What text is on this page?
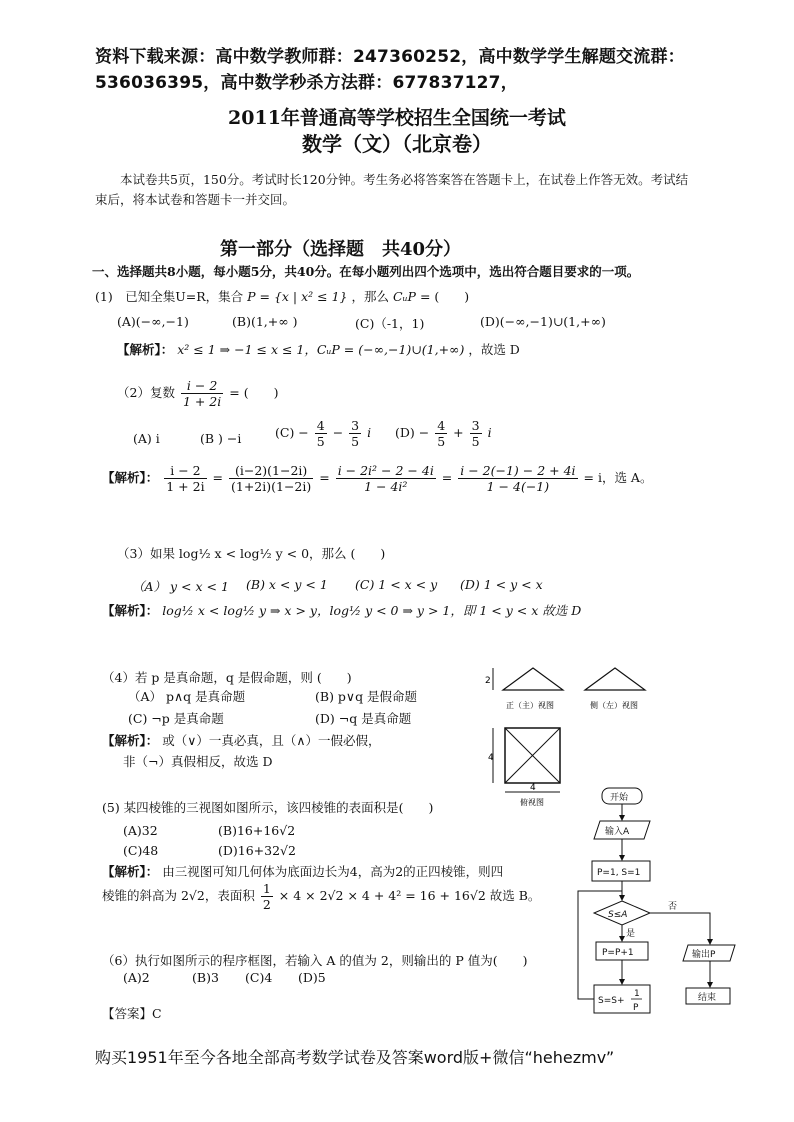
资料下载来源：高中数学教师群：247360252，高中数学学生解题交流群：
536036395，高中数学秒杀方法群：677837127，
2011年普通高等学校招生全国统一考试
数学（文）（北京卷）
本试卷共5页，150分。考试时长120分钟。考生务必将答案答在答题卡上，在试卷上作答无效。考试结束后，将本试卷和答题卡一并交回。
第一部分（选择题　共40分）
一、选择题共8小题，每小题5分，共40分。在每小题列出四个选项中，选出符合题目要求的一项。
(1)　已知全集U=R，集合 P = {x | x² ≤ 1} ，那么 CᵤP = (　　)
(A)(−∞,−1)	(B)(1,+∞ )	(C)（-1，1)	(D)(−∞,−1)∪(1,+∞)
【解析】： x² ≤ 1 ⇒ −1 ≤ x ≤ 1，CᵤP = (−∞,−1)∪(1,+∞) ，故选 D
（2）复数 $\frac{i - 2}{1 + 2i}$ = (　　)
(A) i	(B ) −i	$(C) - \frac{4}{5} - \frac{3}{5}$ i $(D) - \frac{4}{5} + \frac{3}{5}$ i
【解析】： $\frac{i - 2}{1 + 2i} = \frac{(i-2)(1-2i)}{(1+2i)(1-2i)} = \frac{\text{i − 2i² − 2 − 4i}}{\text{1 − 4i²}} = \frac{i - 2(-1) - 2 + 4i}{1 - 4(-1)} = i$，选 A。
（3）如果 log½ x < log½ y < 0，那么 (　　)
（A） y < x < 1 (B) x < y < 1 (C) 1 < x < y (D) 1 < y < x
【解析】： log½ x < log½ y ⇒ x > y，log½ y < 0 ⇒ y > 1，即 1 < y < x 故选 D
（4）若 p 是真命题，q 是假命题，则 (　　)
（A） p∧q 是真命题	(B) p∨q 是假命题
(C) ¬p 是真命题	(D) ¬q 是真命题
【解析】： 或（∨）一真必真，且（∧）一假必假，
非（¬）真假相反，故选 D
(5) 某四棱锥的三视图如图所示，该四棱锥的表面积是(　　)
(A)32	(B)16+16√2
(C)48	(D)16+32√2
【解析】： 由三视图可知几何体为底面边长为4，高为2的正四棱锥，则四
棱锥的斜高为 2√2，表面积 $\frac{1}{2} \times 4 \times 2√2 \times 4 + 4^2 = 16 + 16√2$ 故选 B。
2
正（主）视图	侧（左）视图
4
4
俯视图	开始
输入A
P=1, S=1
S≤A
是
否
P=P+1
S=S+
1
P
输出P
结束
（6）执行如图所示的程序框图，若输入 A 的值为 2，则输出的 P 值为(　　)
(A)2	(B)3 (C)4 (D)5
【答案】C
购买1951年至今各地全部高考数学试卷及答案word版+微信“hehezmv”
